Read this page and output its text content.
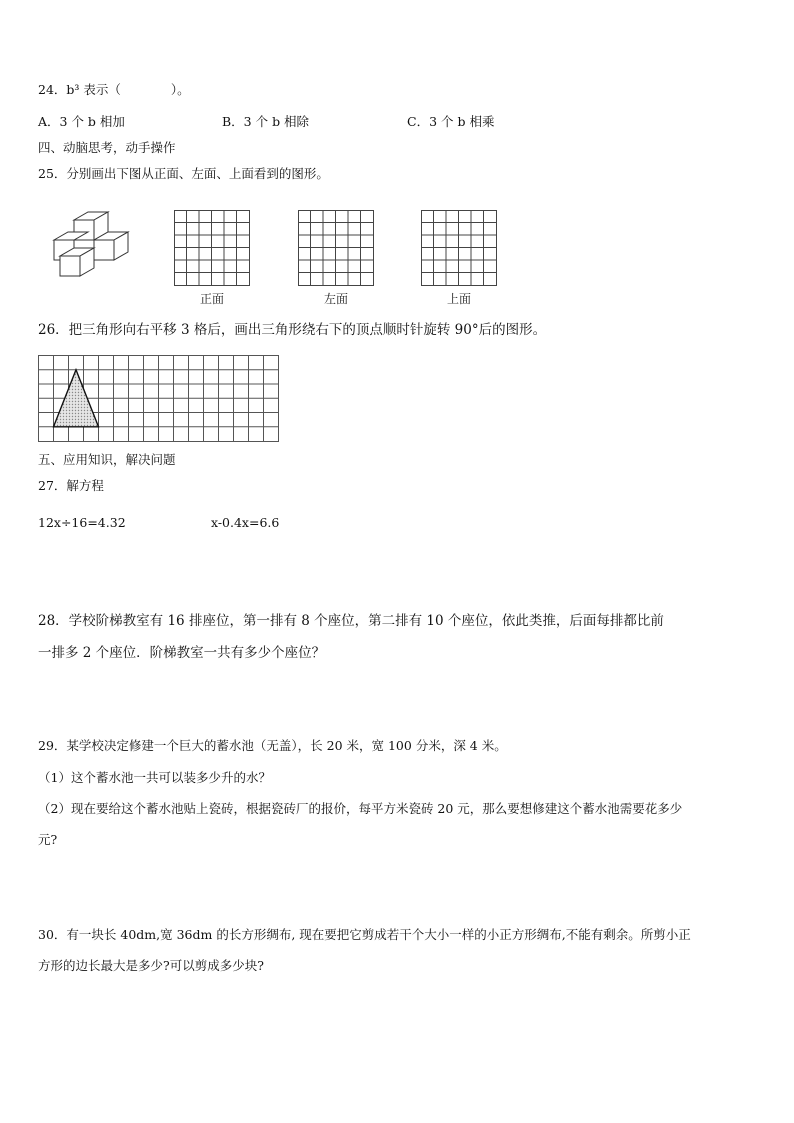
24．b³ 表示（　　　　）。
A．3 个 b 相加	B．3 个 b 相除	C．3 个 b 相乘
四、动脑思考，动手操作
25．分别画出下图从正面、左面、上面看到的图形。
正面	左面	上面
26．把三角形向右平移 3 格后，画出三角形绕右下的顶点顺时针旋转 90°后的图形。
五、应用知识，解决问题
27．解方程
12x÷16=4.32	x-0.4x=6.6
28．学校阶梯教室有 16 排座位，第一排有 8 个座位，第二排有 10 个座位，依此类推，后面每排都比前
一排多 2 个座位．阶梯教室一共有多少个座位？
29．某学校决定修建一个巨大的蓄水池（无盖），长 20 米，宽 100 分米，深 4 米。
（1）这个蓄水池一共可以装多少升的水？
（2）现在要给这个蓄水池贴上瓷砖，根据瓷砖厂的报价，每平方米瓷砖 20 元，那么要想修建这个蓄水池需要花多少
元?
30．有一块长 40dm,宽 36dm 的长方形绸布, 现在要把它剪成若干个大小一样的小正方形绸布,不能有剩余。所剪小正
方形的边长最大是多少?可以剪成多少块?
